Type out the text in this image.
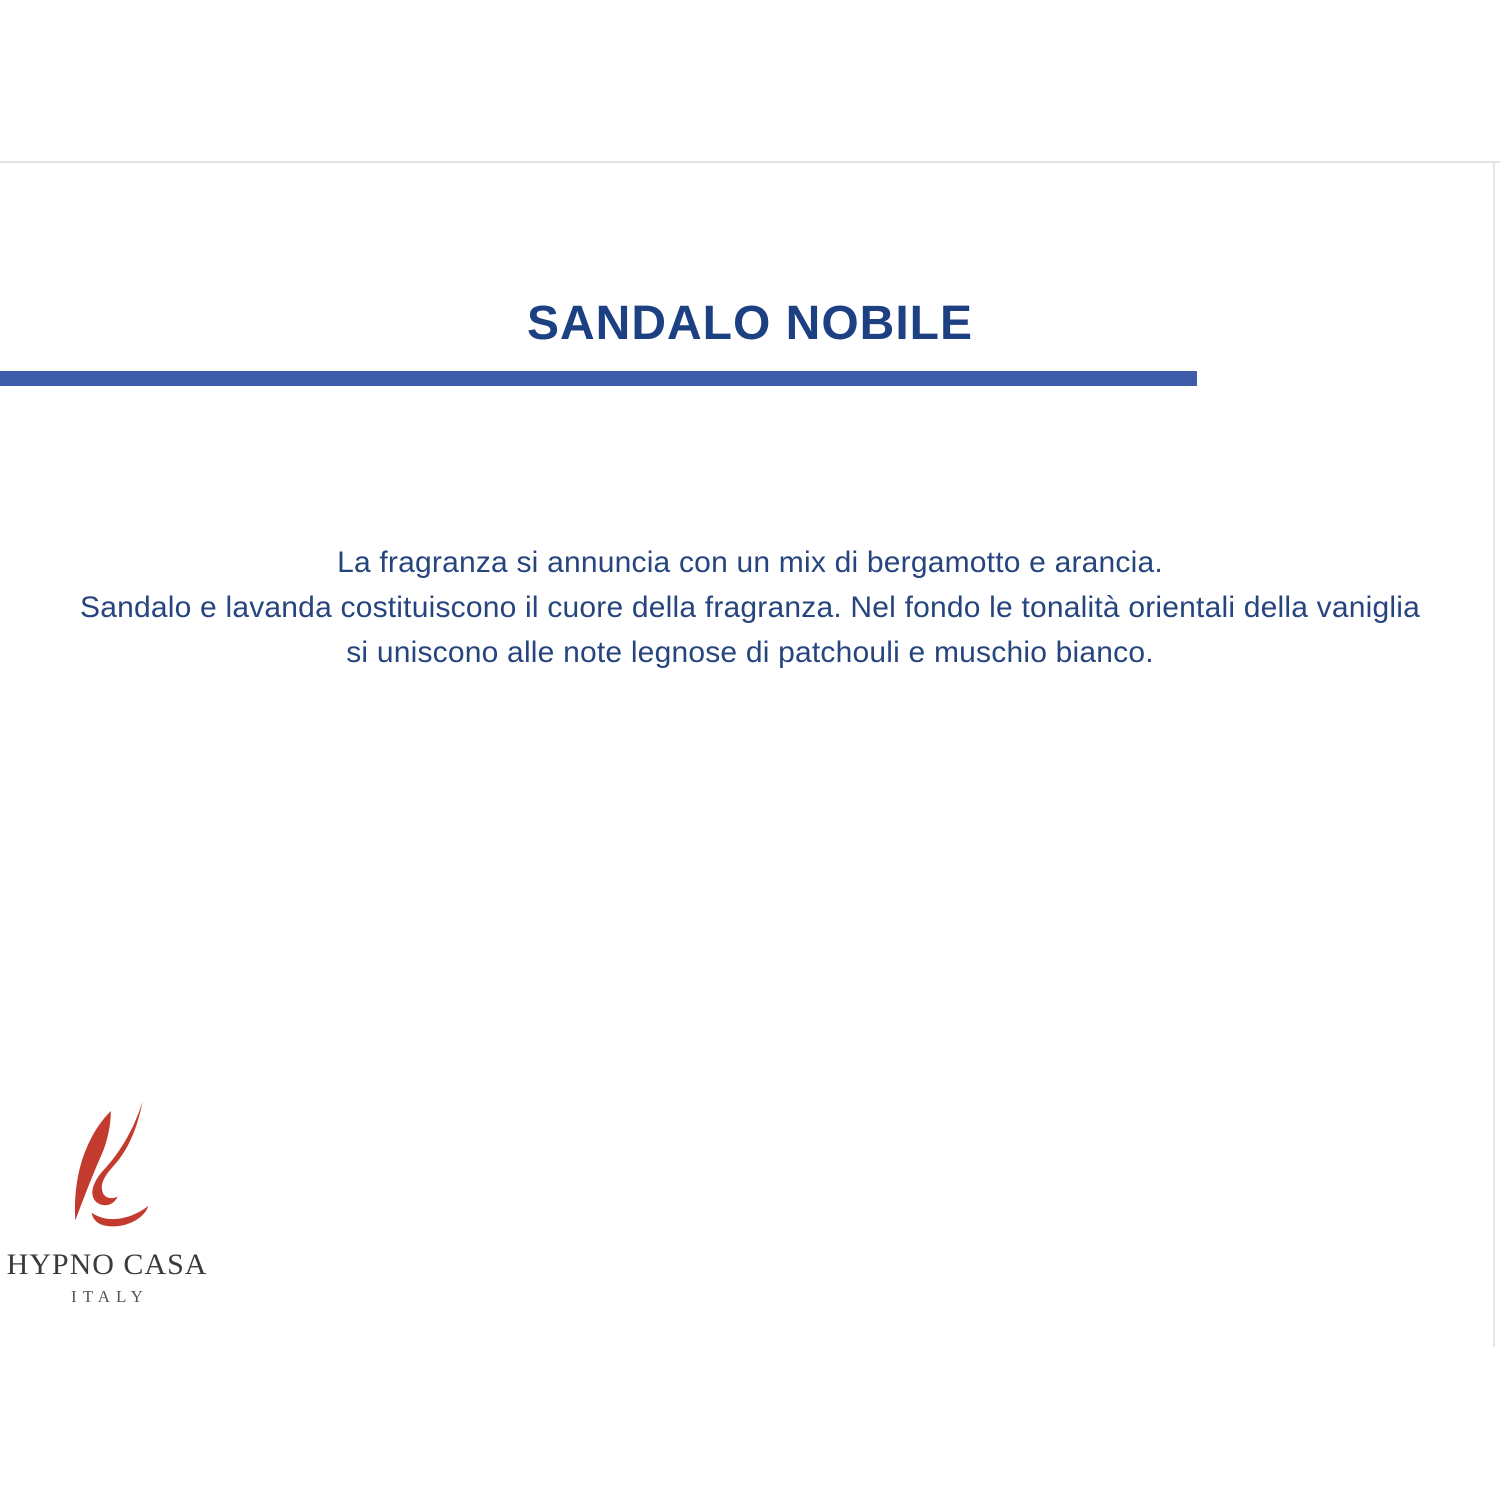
SANDALO NOBILE
La fragranza si annuncia con un mix di bergamotto e arancia.
Sandalo e lavanda costituiscono il cuore della fragranza. Nel fondo le tonalità orientali della vaniglia
si uniscono alle note legnose di patchouli e muschio bianco.
HYPNO CASA
ITALY
